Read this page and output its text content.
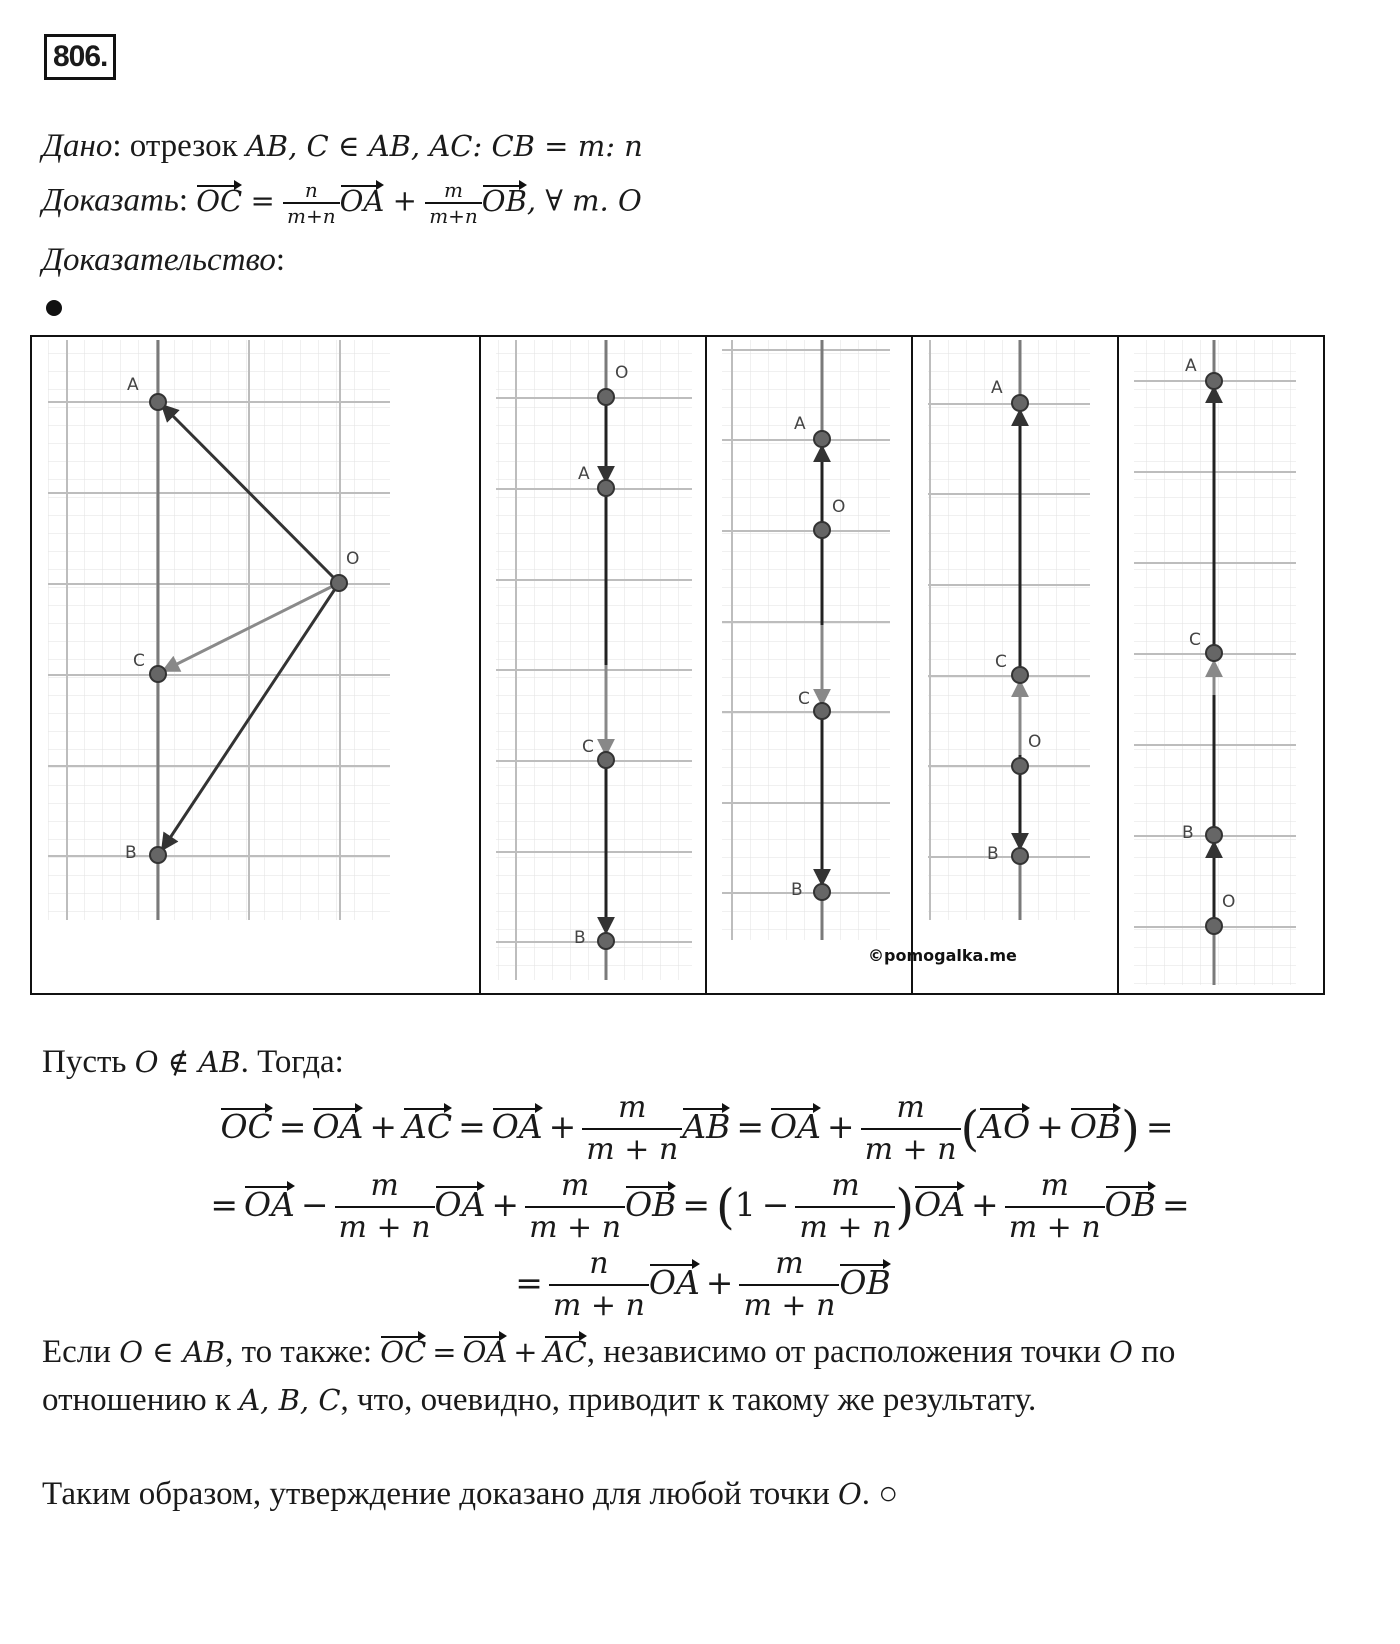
806.
Дано: отрезок AB, C ∈ AB, AC: CB = m: n
Доказать: OC = $\frac{n}{m+n}$ OA + $\frac{m}{m+n}$ OB, ∀ т. O
Доказательство:
A
O
C
B
O
A
C
B
A
O
C
B
©pomogalka.me
A
C
O
B
A
C
B
O
Пусть O ∉ AB. Тогда:
OC = OA + AC = OA + $\frac{m}{m + n}$ AB = OA + $\frac{m}{m + n} (AO + OB)$ =
= OA − $\frac{m}{m + n}$ OA + $\frac{m}{m + n}$ OB = $(1 - \frac{m}{m + n} )OA + \frac{m}{m + n}$ OB =
= $\frac{n}{m + n}$ OA + $\frac{m}{m + n}$ OB
Если O ∈ AB, то также: OC = OA + AC, независимо от расположения точки O по
отношению к A, B, C, что, очевидно, приводит к такому же результату.
Таким образом, утверждение доказано для любой точки O. ○
